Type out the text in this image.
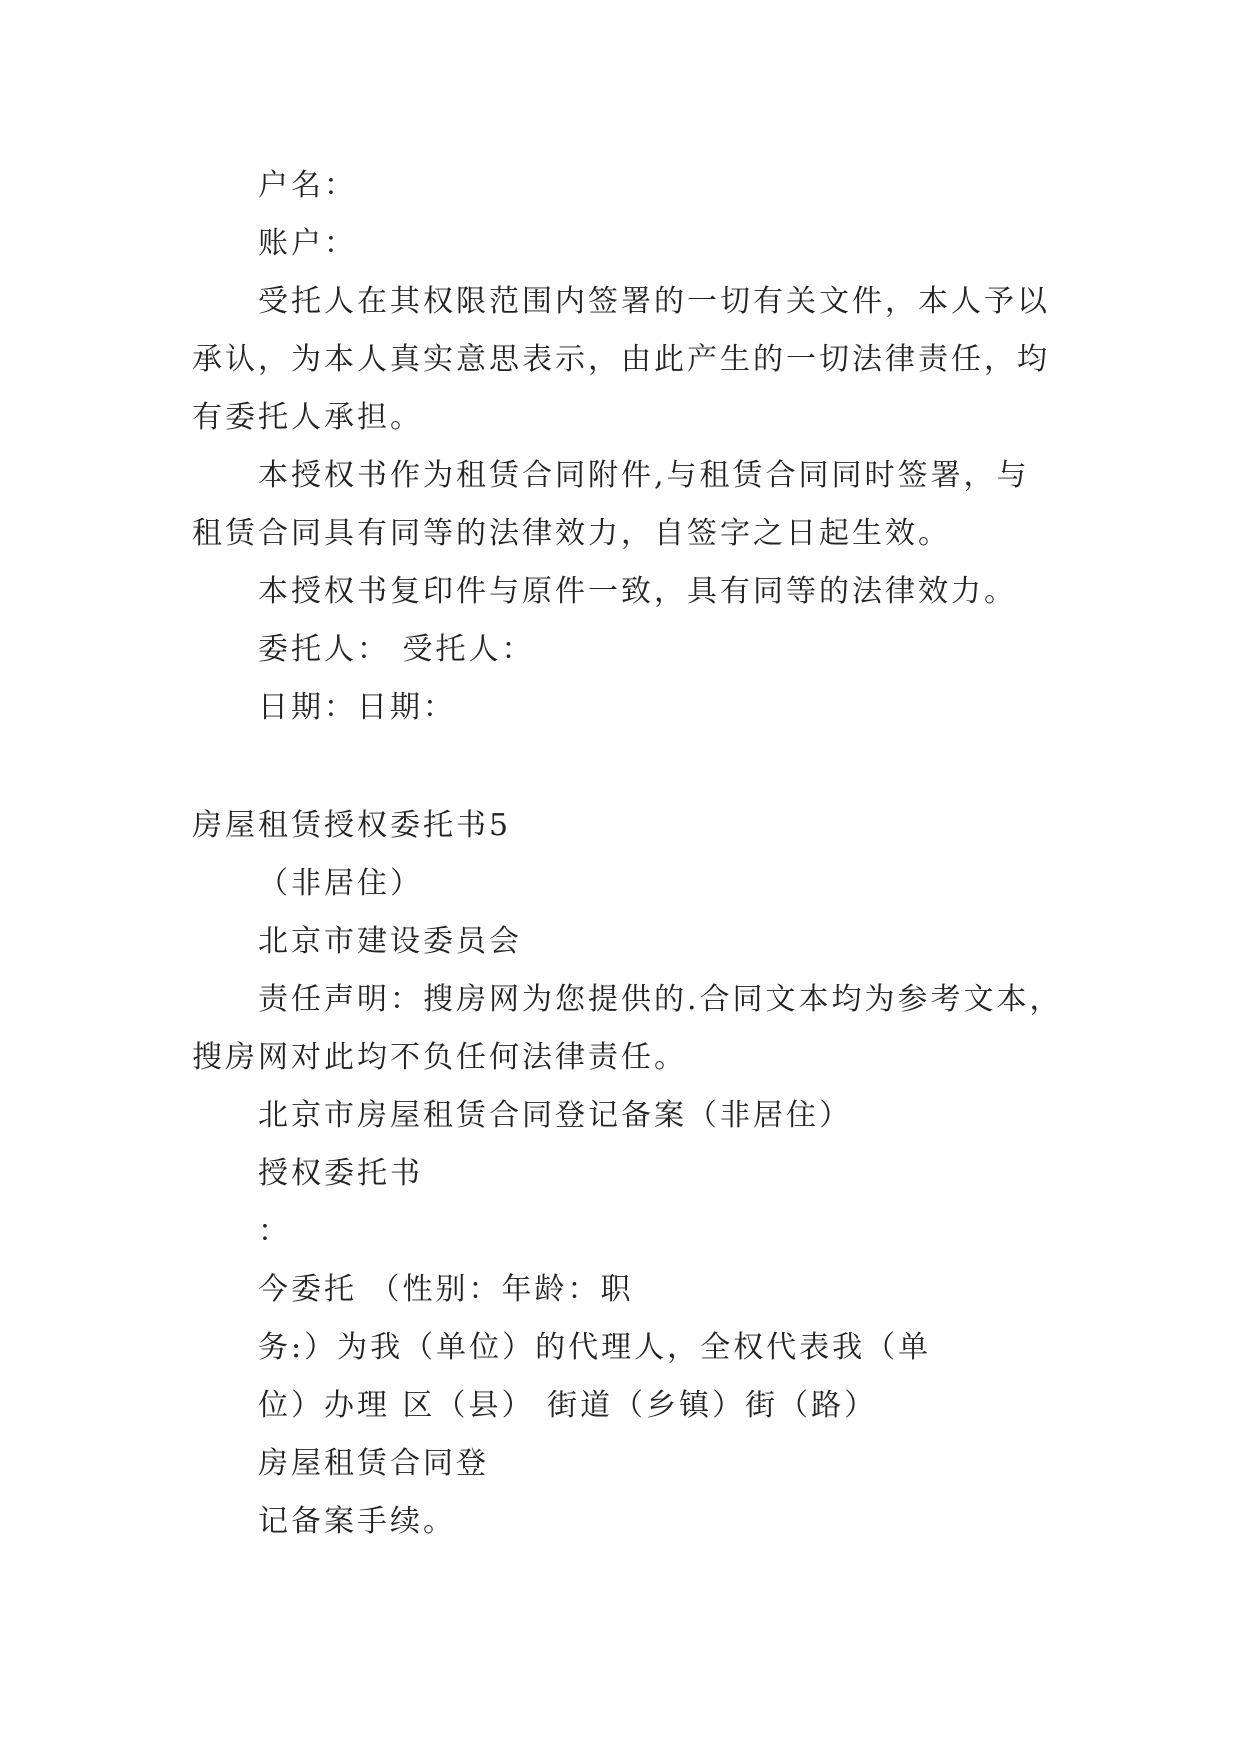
户名：
账户：
受托人在其权限范围内签署的一切有关文件，本人予以
承认，为本人真实意思表示，由此产生的一切法律责任，均
有委托人承担。
本授权书作为租赁合同附件,与租赁合同同时签署，与
租赁合同具有同等的法律效力，自签字之日起生效。
本授权书复印件与原件一致，具有同等的法律效力。
委托人： 受托人：
日期：日期：
房屋租赁授权委托书5
（非居住）
北京市建设委员会
责任声明：搜房网为您提供的.合同文本均为参考文本，
搜房网对此均不负任何法律责任。
北京市房屋租赁合同登记备案（非居住）
授权委托书
：
今委托 （性别：年龄：职
务:）为我（单位）的代理人，全权代表我（单
位）办理 区（县） 街道（乡镇）街（路）
房屋租赁合同登
记备案手续。
